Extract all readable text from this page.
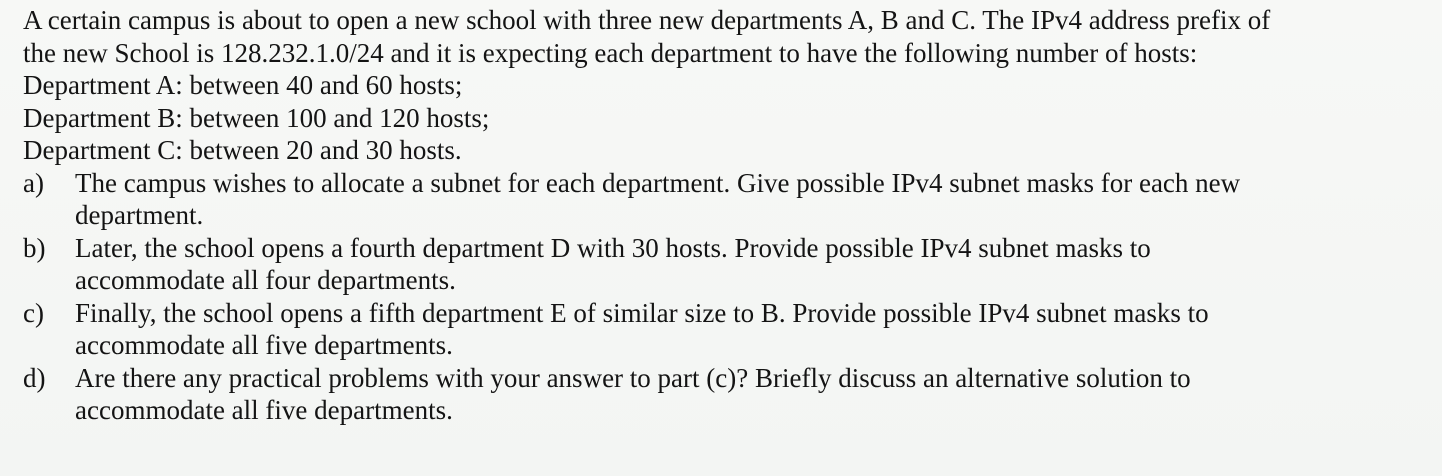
A certain campus is about to open a new school with three new departments A, B and C. The IPv4 address prefix of

the new School is 128.232.1.0/24 and it is expecting each department to have the following number of hosts:

Department A: between 40 and 60 hosts;

Department B: between 100 and 120 hosts;

Department C: between 20 and 30 hosts.

a)	The campus wishes to allocate a subnet for each department. Give possible IPv4 subnet masks for each new
department.
b)	Later, the school opens a fourth department D with 30 hosts. Provide possible IPv4 subnet masks to
accommodate all four departments.
c)	Finally, the school opens a fifth department E of similar size to B. Provide possible IPv4 subnet masks to
accommodate all five departments.
d)	Are there any practical problems with your answer to part (c)? Briefly discuss an alternative solution to
accommodate all five departments.
